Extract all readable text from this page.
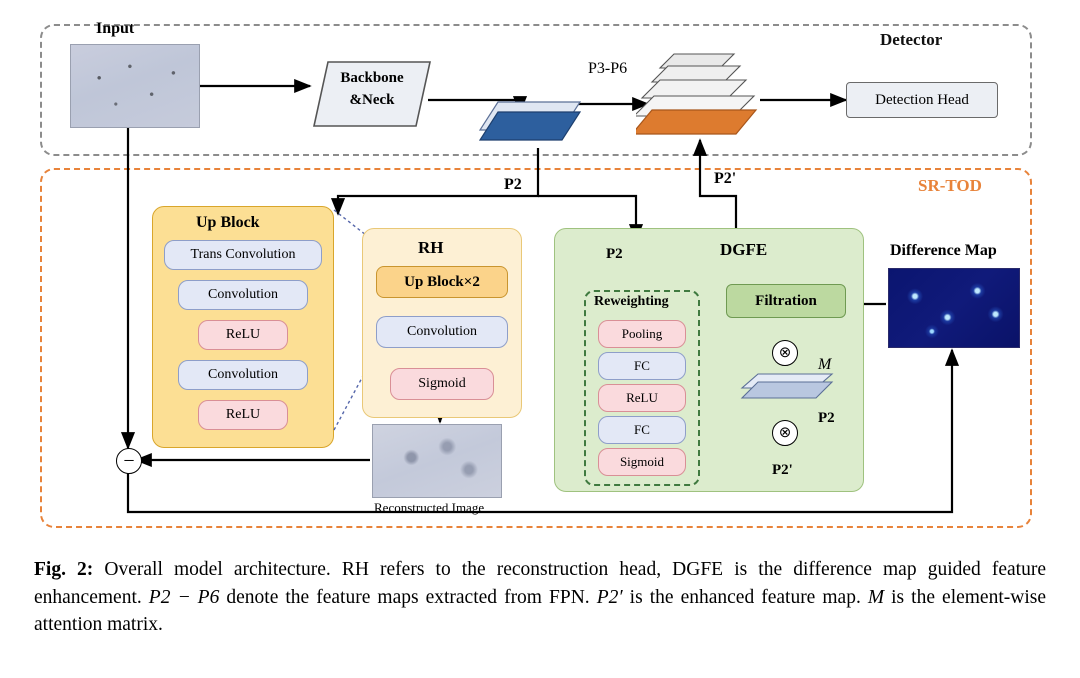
Detector
SR-TOD
Input
Backbone
&Neck
P3-P6
Detection Head
P2	P2'
Up Block
Trans Convolution
Convolution
ReLU
Convolution
ReLU
RH
Up Block×2
Convolution
Sigmoid
Reconstructed Image
DGFE
P2
Reweighting
Pooling
FC
ReLU
FC
Sigmoid
Filtration
⊗
⊗
M
P2
P2'
Difference Map
−
Fig. 2: Overall model architecture. RH refers to the reconstruction head, DGFE is the difference map guided feature enhancement. P2 − P6 denote the feature maps extracted from FPN. P2′ is the enhanced feature map. M is the element-wise attention matrix.
